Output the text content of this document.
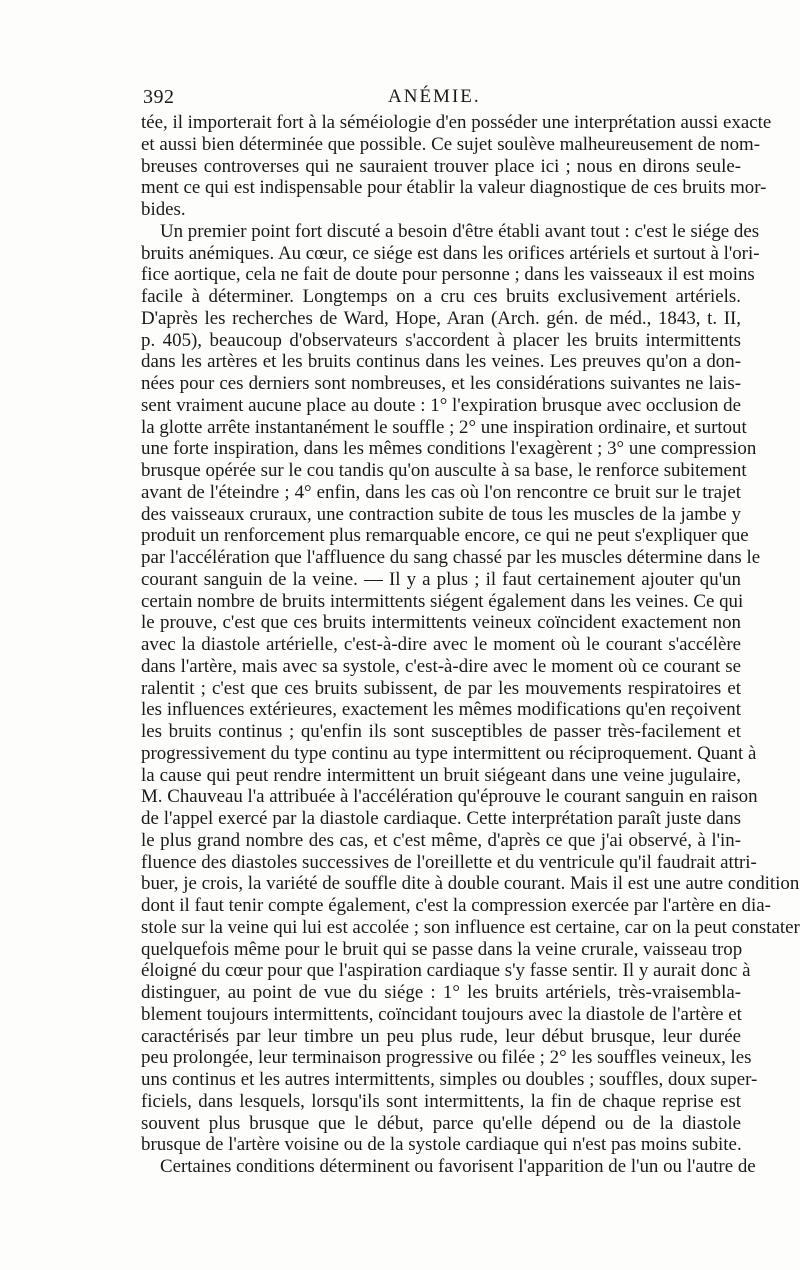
392	ANÉMIE.
tée, il importerait fort à la séméiologie d'en posséder une interprétation aussi exacte
et aussi bien déterminée que possible. Ce sujet soulève malheureusement de nom-
breuses controverses qui ne sauraient trouver place ici ; nous en dirons seule-
ment ce qui est indispensable pour établir la valeur diagnostique de ces bruits mor-
bides.
Un premier point fort discuté a besoin d'être établi avant tout : c'est le siége des
bruits anémiques. Au cœur, ce siége est dans les orifices artériels et surtout à l'ori-
fice aortique, cela ne fait de doute pour personne ; dans les vaisseaux il est moins
facile à déterminer. Longtemps on a cru ces bruits exclusivement artériels.
D'après les recherches de Ward, Hope, Aran (Arch. gén. de méd., 1843, t. II,
p. 405), beaucoup d'observateurs s'accordent à placer les bruits intermittents
dans les artères et les bruits continus dans les veines. Les preuves qu'on a don-
nées pour ces derniers sont nombreuses, et les considérations suivantes ne lais-
sent vraiment aucune place au doute : 1° l'expiration brusque avec occlusion de
la glotte arrête instantanément le souffle ; 2° une inspiration ordinaire, et surtout
une forte inspiration, dans les mêmes conditions l'exagèrent ; 3° une compression
brusque opérée sur le cou tandis qu'on ausculte à sa base, le renforce subitement
avant de l'éteindre ; 4° enfin, dans les cas où l'on rencontre ce bruit sur le trajet
des vaisseaux cruraux, une contraction subite de tous les muscles de la jambe y
produit un renforcement plus remarquable encore, ce qui ne peut s'expliquer que
par l'accélération que l'affluence du sang chassé par les muscles détermine dans le
courant sanguin de la veine. — Il y a plus ; il faut certainement ajouter qu'un
certain nombre de bruits intermittents siégent également dans les veines. Ce qui
le prouve, c'est que ces bruits intermittents veineux coïncident exactement non
avec la diastole artérielle, c'est-à-dire avec le moment où le courant s'accélère
dans l'artère, mais avec sa systole, c'est-à-dire avec le moment où ce courant se
ralentit ; c'est que ces bruits subissent, de par les mouvements respiratoires et
les influences extérieures, exactement les mêmes modifications qu'en reçoivent
les bruits continus ; qu'enfin ils sont susceptibles de passer très-facilement et
progressivement du type continu au type intermittent ou réciproquement. Quant à
la cause qui peut rendre intermittent un bruit siégeant dans une veine jugulaire,
M. Chauveau l'a attribuée à l'accélération qu'éprouve le courant sanguin en raison
de l'appel exercé par la diastole cardiaque. Cette interprétation paraît juste dans
le plus grand nombre des cas, et c'est même, d'après ce que j'ai observé, à l'in-
fluence des diastoles successives de l'oreillette et du ventricule qu'il faudrait attri-
buer, je crois, la variété de souffle dite à double courant. Mais il est une autre condition
dont il faut tenir compte également, c'est la compression exercée par l'artère en dia-
stole sur la veine qui lui est accolée ; son influence est certaine, car on la peut constater
quelquefois même pour le bruit qui se passe dans la veine crurale, vaisseau trop
éloigné du cœur pour que l'aspiration cardiaque s'y fasse sentir. Il y aurait donc à
distinguer, au point de vue du siége : 1° les bruits artériels, très-vraisembla-
blement toujours intermittents, coïncidant toujours avec la diastole de l'artère et
caractérisés par leur timbre un peu plus rude, leur début brusque, leur durée
peu prolongée, leur terminaison progressive ou filée ; 2° les souffles veineux, les
uns continus et les autres intermittents, simples ou doubles ; souffles, doux super-
ficiels, dans lesquels, lorsqu'ils sont intermittents, la fin de chaque reprise est
souvent plus brusque que le début, parce qu'elle dépend ou de la diastole
brusque de l'artère voisine ou de la systole cardiaque qui n'est pas moins subite.
Certaines conditions déterminent ou favorisent l'apparition de l'un ou l'autre de
